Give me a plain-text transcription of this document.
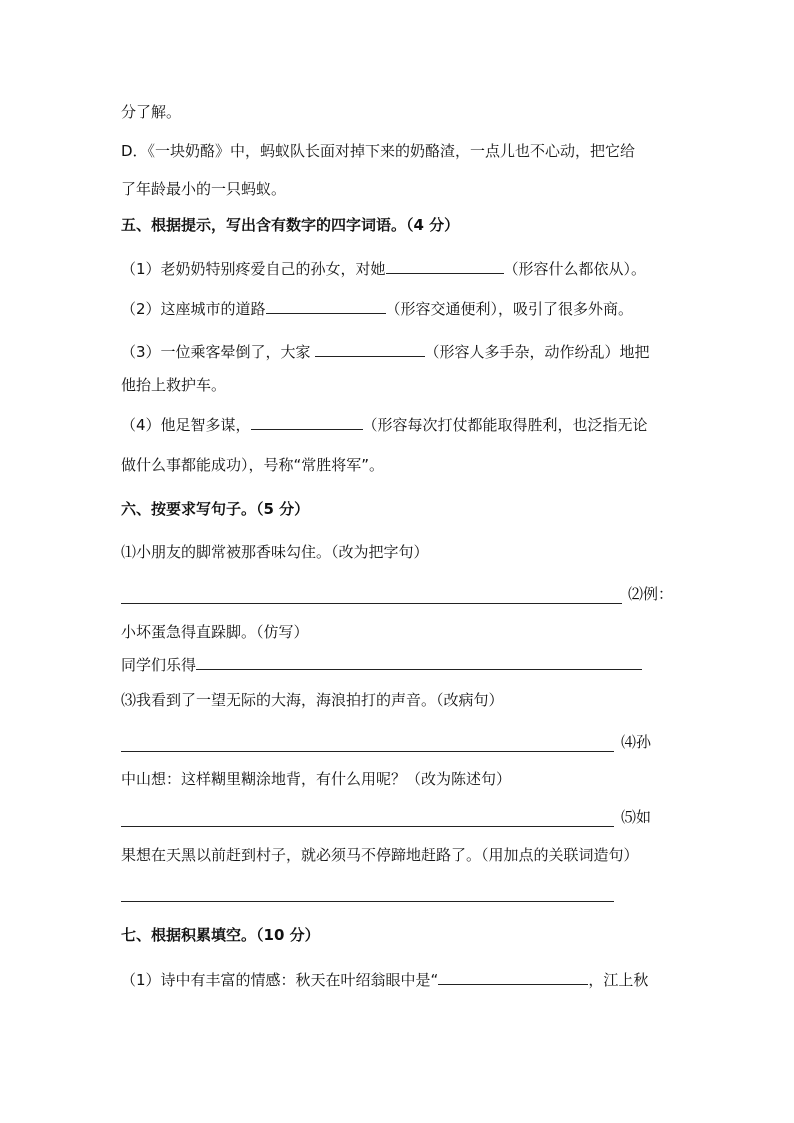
分了解。
D．《一块奶酪》中，蚂蚁队长面对掉下来的奶酪渣，一点儿也不心动，把它给
了年龄最小的一只蚂蚁。
五、根据提示，写出含有数字的四字词语。（4 分）
（1）老奶奶特别疼爱自己的孙女，对她	（形容什么都依从）。
（2）这座城市的道路	（形容交通便利），吸引了很多外商。
（3）一位乘客晕倒了，大家	（形容人多手杂，动作纷乱）地把
他抬上救护车。
（4）他足智多谋，	（形容每次打仗都能取得胜利，也泛指无论
做什么事都能成功），号称“常胜将军”。
六、按要求写句子。（5 分）
⑴小朋友的脚常被那香味勾住。（改为把字句）
⑵例：
小坏蛋急得直跺脚。（仿写）
同学们乐得
⑶我看到了一望无际的大海，海浪拍打的声音。（改病句）
⑷孙
中山想：这样糊里糊涂地背，有什么用呢？（改为陈述句）
⑸如
果想在天黑以前赶到村子，就必须马不停蹄地赶路了。（用加点的关联词造句）
七、根据积累填空。（10 分）
（1）诗中有丰富的情感：秋天在叶绍翁眼中是“	，江上秋
